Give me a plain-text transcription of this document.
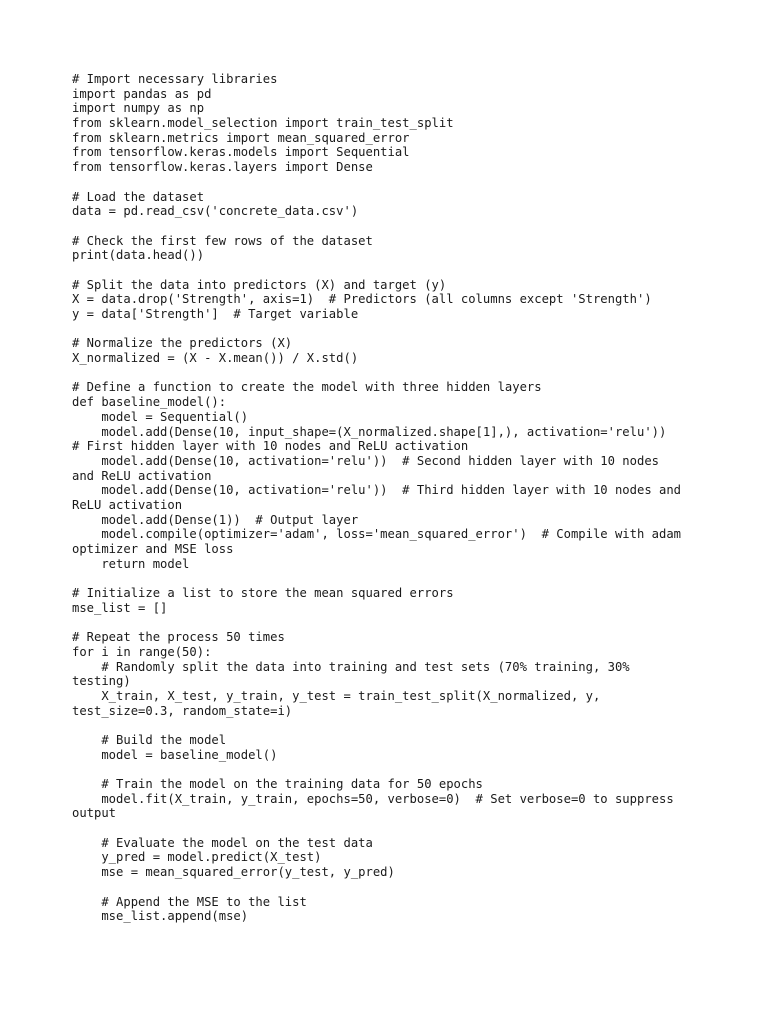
# Import necessary libraries
import pandas as pd
import numpy as np
from sklearn.model_selection import train_test_split
from sklearn.metrics import mean_squared_error
from tensorflow.keras.models import Sequential
from tensorflow.keras.layers import Dense
# Load the dataset
data = pd.read_csv('concrete_data.csv')
# Check the first few rows of the dataset
print(data.head())
# Split the data into predictors (X) and target (y)
X = data.drop('Strength', axis=1)  # Predictors (all columns except 'Strength')
y = data['Strength']  # Target variable
# Normalize the predictors (X)
X_normalized = (X - X.mean()) / X.std()
# Define a function to create the model with three hidden layers
def baseline_model():
model = Sequential()
model.add(Dense(10, input_shape=(X_normalized.shape[1],), activation='relu'))
# First hidden layer with 10 nodes and ReLU activation
model.add(Dense(10, activation='relu'))  # Second hidden layer with 10 nodes
and ReLU activation
model.add(Dense(10, activation='relu'))  # Third hidden layer with 10 nodes and
ReLU activation
model.add(Dense(1))  # Output layer
model.compile(optimizer='adam', loss='mean_squared_error')  # Compile with adam
optimizer and MSE loss
return model
# Initialize a list to store the mean squared errors
mse_list = []
# Repeat the process 50 times
for i in range(50):
# Randomly split the data into training and test sets (70% training, 30%
testing)
X_train, X_test, y_train, y_test = train_test_split(X_normalized, y,
test_size=0.3, random_state=i)
# Build the model
model = baseline_model()
# Train the model on the training data for 50 epochs
model.fit(X_train, y_train, epochs=50, verbose=0)  # Set verbose=0 to suppress
output
# Evaluate the model on the test data
y_pred = model.predict(X_test)
mse = mean_squared_error(y_test, y_pred)
# Append the MSE to the list
mse_list.append(mse)
